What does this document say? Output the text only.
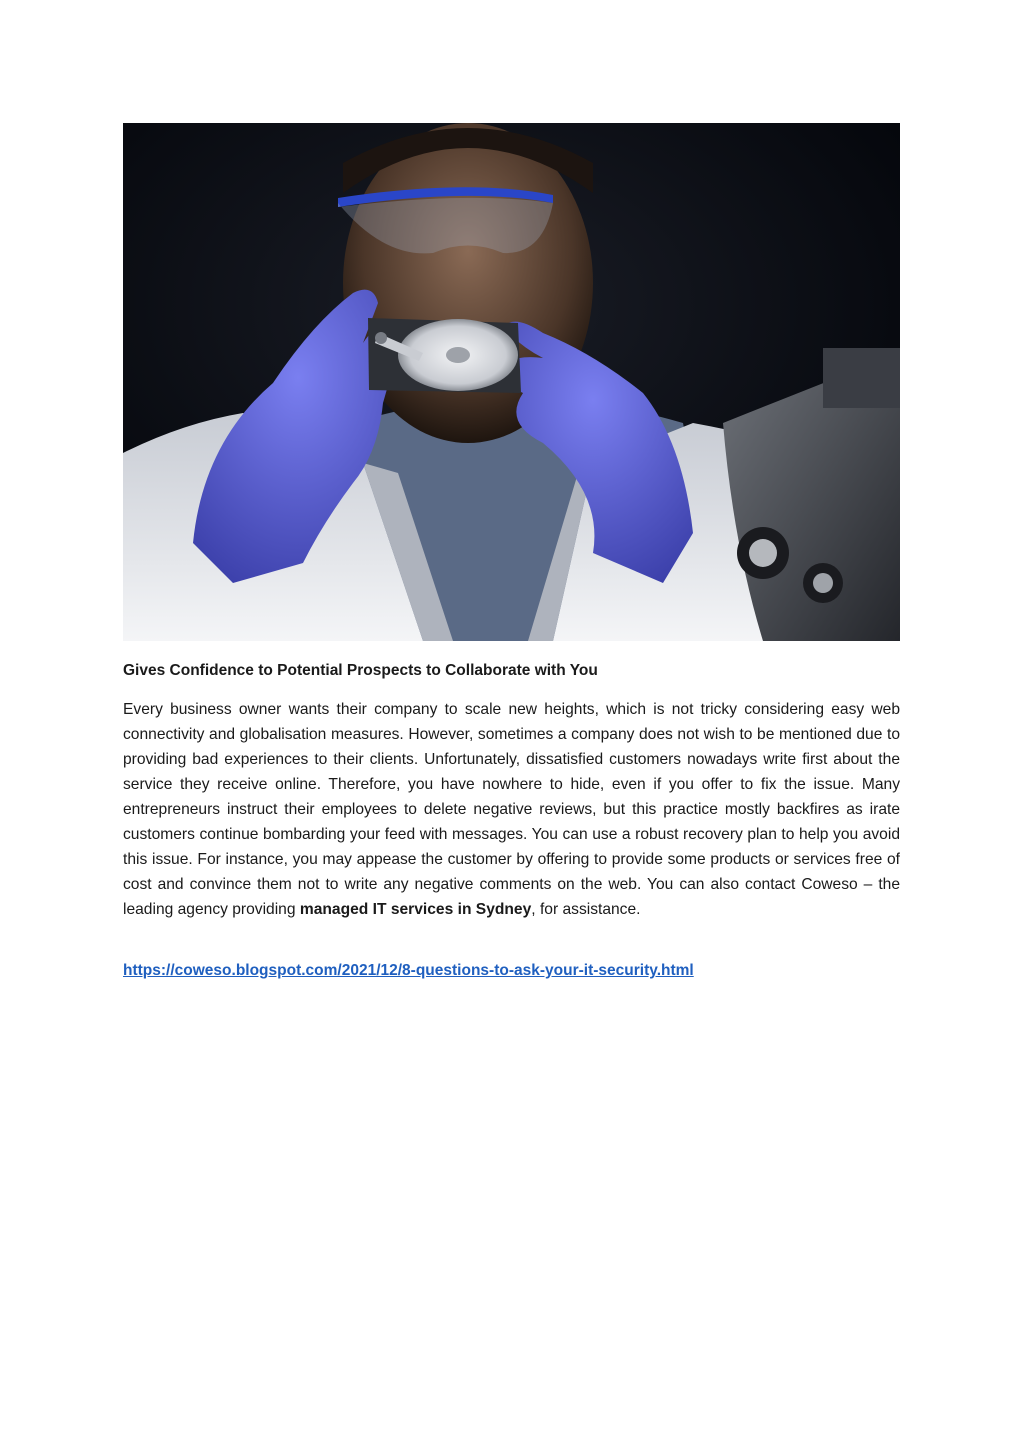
Gives Confidence to Potential Prospects to Collaborate with You

Every business owner wants their company to scale new heights, which is not tricky considering easy web connectivity and globalisation measures. However, sometimes a company does not wish to be mentioned due to providing bad experiences to their clients. Unfortunately, dissatisfied customers nowadays write first about the service they receive online. Therefore, you have nowhere to hide, even if you offer to fix the issue. Many entrepreneurs instruct their employees to delete negative reviews, but this practice mostly backfires as irate customers continue bombarding your feed with messages. You can use a robust recovery plan to help you avoid this issue. For instance, you may appease the customer by offering to provide some products or services free of cost and convince them not to write any negative comments on the web. You can also contact Coweso – the leading agency providing managed IT services in Sydney, for assistance.

https://coweso.blogspot.com/2021/12/8-questions-to-ask-your-it-security.html
